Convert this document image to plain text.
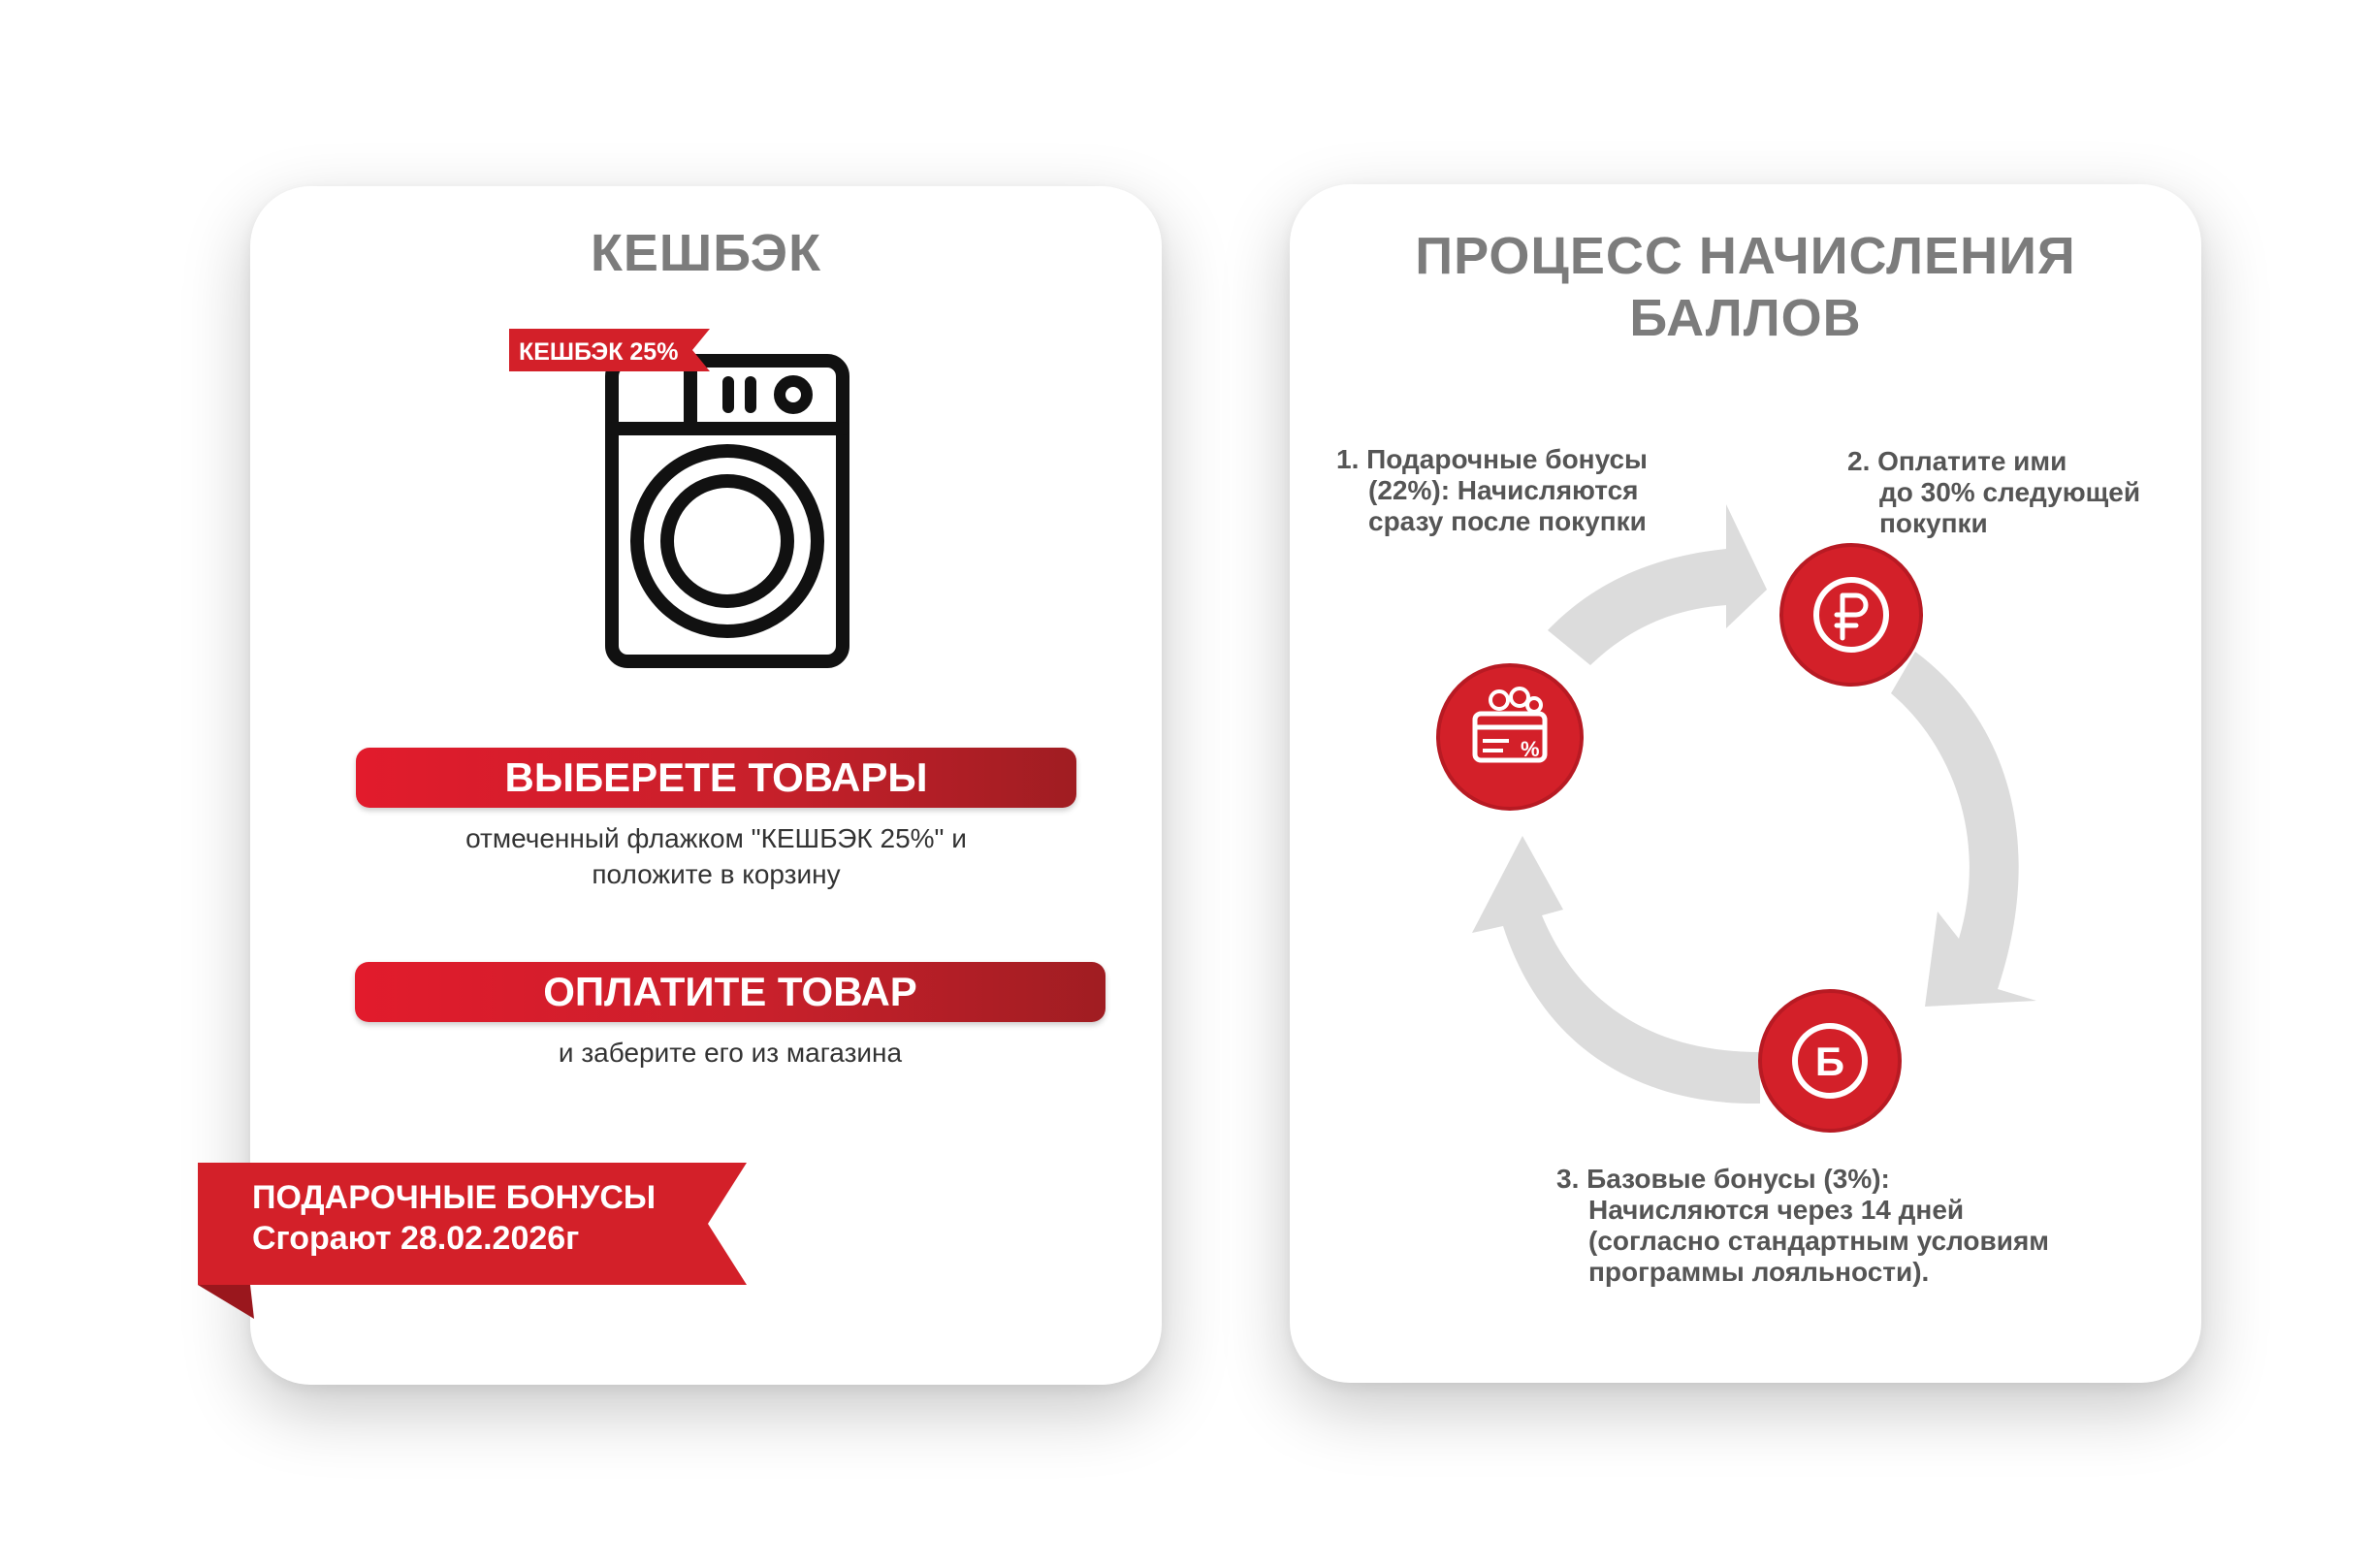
КЕШБЭК
КЕШБЭК 25%
ВЫБЕРЕТЕ ТОВАРЫ

отмеченный флажком "КЕШБЭК 25%" и
положите в корзину

ОПЛАТИТЕ ТОВАР

и заберите его из магазина

ПОДАРОЧНЫЕ БОНУСЫ
Сгорают 28.02.2026г

ПРОЦЕСС НАЧИСЛЕНИЯ
БАЛЛОВ
%
Б

1. Подарочные бонусы
(22%): Начисляются
сразу после покупки

2. Оплатите ими
до 30% следующей
покупки

3. Базовые бонусы (3%):
Начисляются через 14 дней
(согласно стандартным условиям
программы лояльности).
